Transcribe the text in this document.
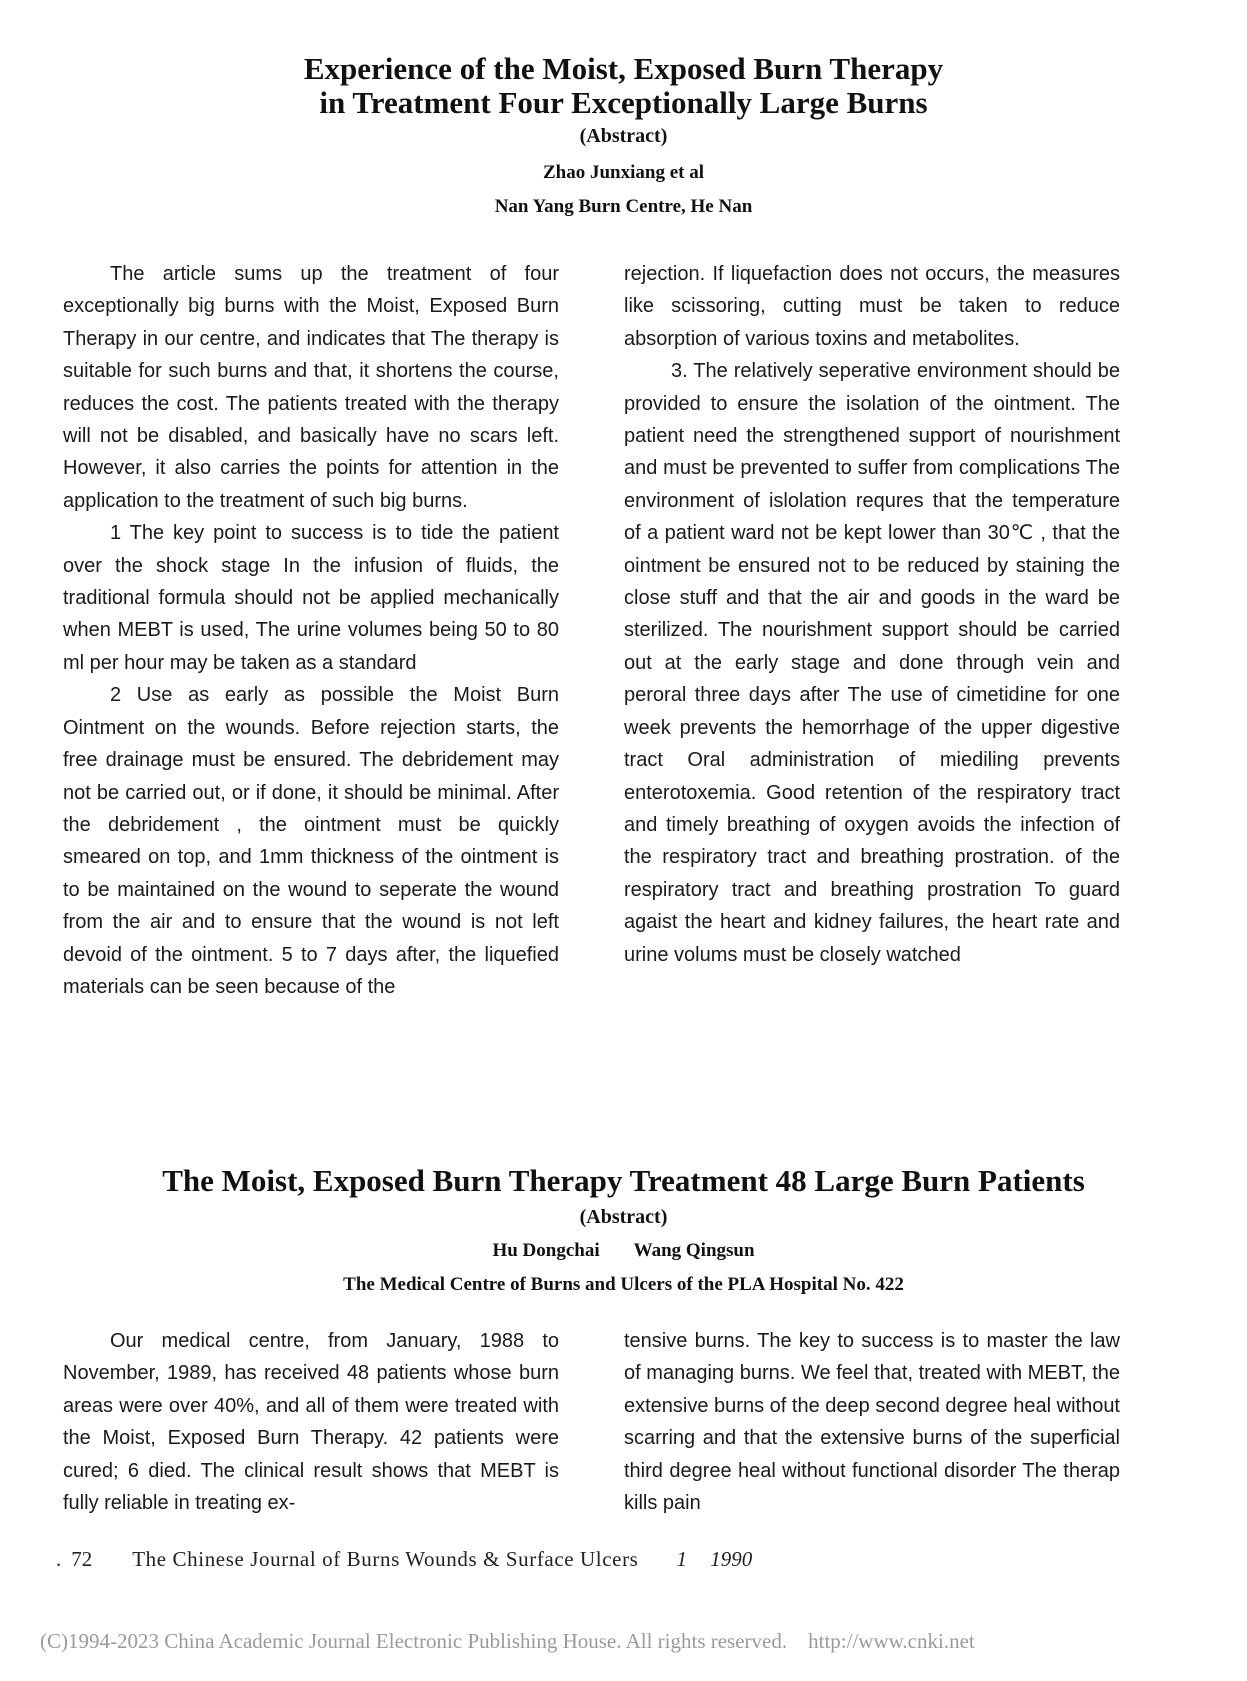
Experience of the Moist, Exposed Burn Therapy
in Treatment Four Exceptionally Large Burns
(Abstract)
Zhao Junxiang et al
Nan Yang Burn Centre, He Nan

The article sums up the treatment of four exceptionally big burns with the Moist, Exposed Burn Therapy in our centre, and indicates that The therapy is suitable for such burns and that, it shortens the course, reduces the cost. The patients treated with the therapy will not be disabled, and basically have no scars left. However, it also carries the points for attention in the application to the treatment of such big burns.

1 The key point to success is to tide the patient over the shock stage In the infusion of fluids, the traditional formula should not be applied mechanically when MEBT is used, The urine volumes being 50 to 80 ml per hour may be taken as a standard

2 Use as early as possible the Moist Burn Ointment on the wounds. Before rejection starts, the free drainage must be ensured. The debridement may not be carried out, or if done, it should be minimal. After the debridement , the ointment must be quickly smeared on top, and 1mm thickness of the ointment is to be maintained on the wound to seperate the wound from the air and to ensure that the wound is not left devoid of the ointment. 5 to 7 days after, the liquefied materials can be seen because of the

rejection. If liquefaction does not occurs, the measures like scissoring, cutting must be taken to reduce absorption of various toxins and metabolites.

3. The relatively seperative environment should be provided to ensure the isolation of the ointment. The patient need the strengthened support of nourishment and must be prevented to suffer from complications The environment of islolation requres that the temperature of a patient ward not be kept lower than 30℃ , that the ointment be ensured not to be reduced by staining the close stuff and that the air and goods in the ward be sterilized. The nourishment support should be carried out at the early stage and done through vein and peroral three days after The use of cimetidine for one week prevents the hemorrhage of the upper digestive tract Oral administration of miediling prevents enterotoxemia. Good retention of the respiratory tract and timely breathing of oxygen avoids the infection of the respiratory tract and breathing prostration. of the respiratory tract and breathing prostration To guard agaist the heart and kidney failures, the heart rate and urine volums must be closely watched

The Moist, Exposed Burn Therapy Treatment 48 Large Burn Patients
(Abstract)
Hu Dongchai Wang Qingsun
The Medical Centre of Burns and Ulcers of the PLA Hospital No. 422

Our medical centre, from January, 1988 to November, 1989, has received 48 patients whose burn areas were over 40%, and all of them were treated with the Moist, Exposed Burn Therapy. 42 patients were cured; 6 died. The clinical result shows that MEBT is fully reliable in treating ex-

tensive burns. The key to success is to master the law of managing burns. We feel that, treated with MEBT, the extensive burns of the deep second degree heal without scarring and that the extensive burns of the superficial third degree heal without functional disorder The therap kills pain

. 72 The Chinese Journal of Burns Wounds & Surface Ulcers 1 1990
(C)1994-2023 China Academic Journal Electronic Publishing House. All rights reserved.    http://www.cnki.net
